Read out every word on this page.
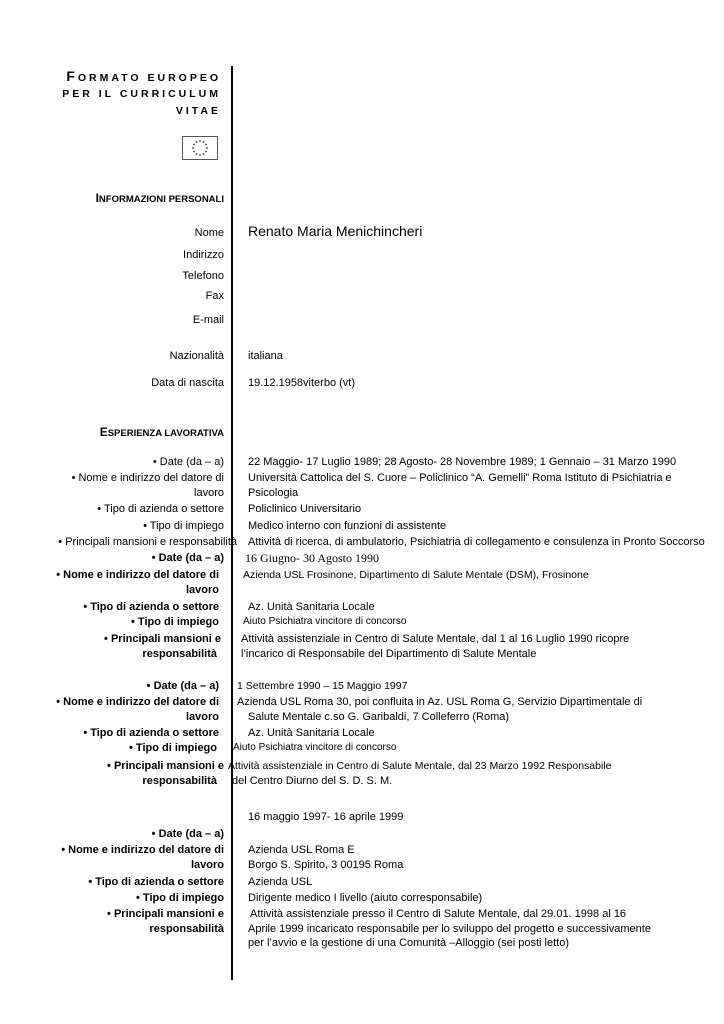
FORMATO EUROPEO
PER IL CURRICULUM
VITAE
INFORMAZIONI PERSONALI
Nome Renato Maria Menichincheri
Indirizzo
Telefono
Fax
E-mail
Nazionalità italiana
Data di nascita 19.12.1958viterbo (vt)
ESPERIENZA LAVORATIVA
• Date (da – a) 22 Maggio- 17 Luglio 1989; 28 Agosto- 28 Novembre 1989; 1 Gennaio – 31 Marzo 1990
• Nome e indirizzo del datore di
lavoro
Università Cattolica del S. Cuore – Policlinico “A. Gemelli” Roma Istituto di Psichiatria e
Psicologia
• Tipo di azienda o settore Policlinico Universitario
• Tipo di impiego Medico interno con funzioni di assistente
• Principali mansioni e responsabilità Attività di ricerca, di ambulatorio, Psichiatria di collegamento e consulenza in Pronto Soccorso
• Date (da – a) 16 Giugno- 30 Agosto 1990
• Nome e indirizzo del datore di
lavoro
Azienda USL Frosinone, Dipartimento di Salute Mentale (DSM), Frosinone
• Tipo di azienda o settore	Az. Unità Sanitaria Locale
• Tipo di impiego Aiuto Psichiatra vincitore di concorso
• Principali mansioni e
responsabilità
Attività assistenziale in Centro di Salute Mentale, dal 1 al 16 Luglio 1990 ricopre
l’incarico di Responsabile del Dipartimento di Salute Mentale
• Date (da – a) 1 Settembre 1990 – 15 Maggio 1997
• Nome e indirizzo del datore di
lavoro
Azienda USL Roma 30, poi confluita in Az. USL Roma G, Servizio Dipartimentale di
Salute Mentale c.so G. Garibaldi, 7 Colleferro (Roma)
• Tipo di azienda o settore	Az. Unità Sanitaria Locale
• Tipo di impiego Aiuto Psichiatra vincitore di concorso
• Principali mansioni e
responsabilità
Attività assistenziale in Centro di Salute Mentale, dal 23 Marzo 1992 Responsabile
del Centro Diurno del S. D. S. M.
16 maggio 1997- 16 aprile 1999
• Date (da – a)
• Nome e indirizzo del datore di
lavoro
Azienda USL Roma E
Borgo S. Spirito, 3 00195 Roma
• Tipo di azienda o settore Azienda USL
• Tipo di impiego Dirigente medico I livello (aiuto corresponsabile)
• Principali mansioni e
responsabilità
Attività assistenziale presso il Centro di Salute Mentale, dal 29.01. 1998 al 16
Aprile 1999 incaricato responsabile per lo sviluppo del progetto e successivamente
per l’avvio e la gestione di una Comunità –Alloggio (sei posti letto)
